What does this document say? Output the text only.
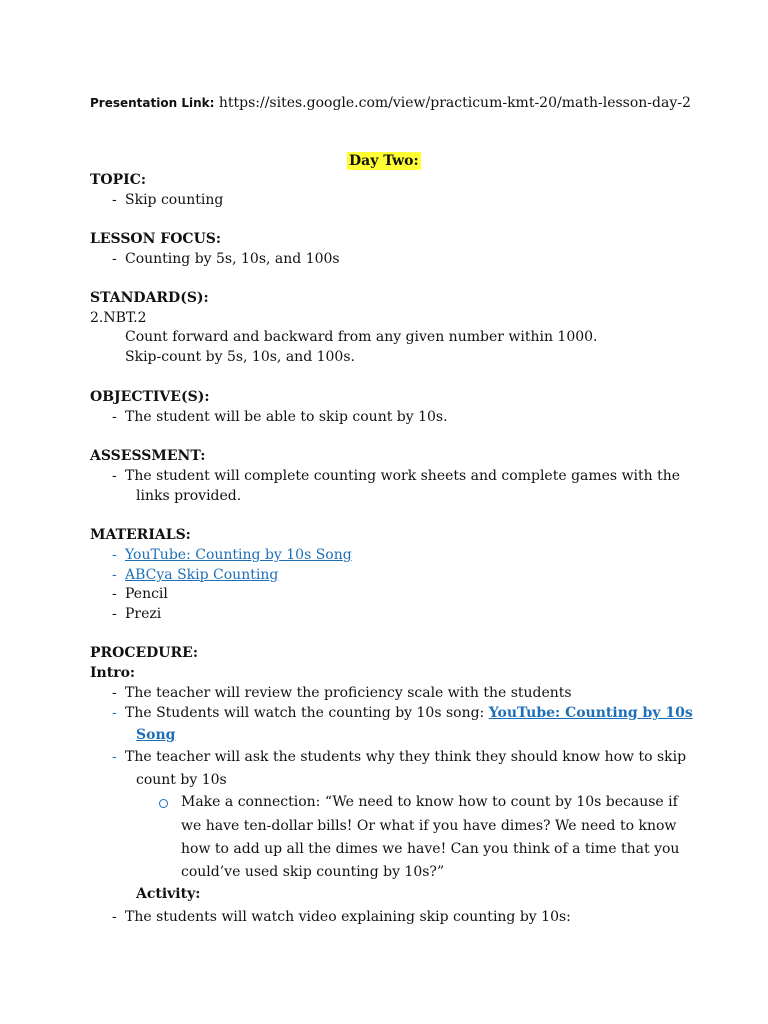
Presentation Link: https://sites.google.com/view/practicum-kmt-20/math-lesson-day-2
Day Two:
TOPIC:
- Skip counting
LESSON FOCUS:
- Counting by 5s, 10s, and 100s
STANDARD(S):
2.NBT.2
Count forward and backward from any given number within 1000.
Skip-count by 5s, 10s, and 100s.
OBJECTIVE(S):
- The student will be able to skip count by 10s.
ASSESSMENT:
- The student will complete counting work sheets and complete games with the
links provided.
MATERIALS:
- YouTube: Counting by 10s Song
- ABCya Skip Counting
- Pencil
- Prezi
PROCEDURE:
Intro:
- The teacher will review the proficiency scale with the students
- The Students will watch the counting by 10s song: YouTube: Counting by 10s
Song
- The teacher will ask the students why they think they should know how to skip
count by 10s
Make a connection: “We need to know how to count by 10s because if
we have ten-dollar bills! Or what if you have dimes? We need to know
how to add up all the dimes we have! Can you think of a time that you
could’ve used skip counting by 10s?”
Activity:
- The students will watch video explaining skip counting by 10s:
